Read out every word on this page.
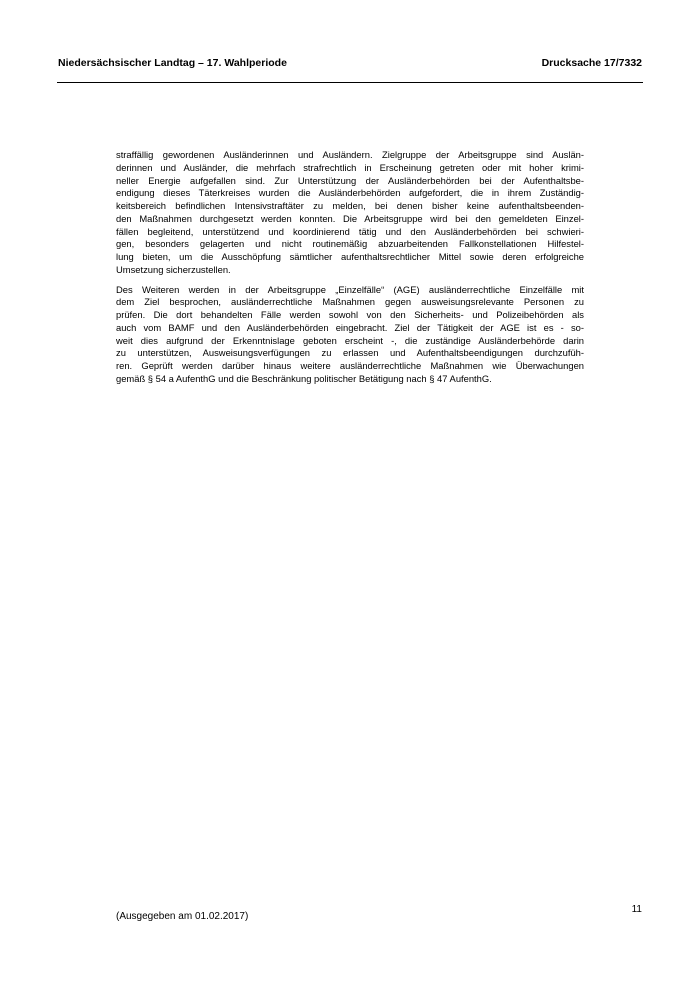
Niedersächsischer Landtag – 17. Wahlperiode	Drucksache 17/7332

straffällig gewordenen Ausländerinnen und Ausländern. Zielgruppe der Arbeitsgruppe sind Auslän-
derinnen und Ausländer, die mehrfach strafrechtlich in Erscheinung getreten oder mit hoher krimi-
neller Energie aufgefallen sind. Zur Unterstützung der Ausländerbehörden bei der Aufenthaltsbe-
endigung dieses Täterkreises wurden die Ausländerbehörden aufgefordert, die in ihrem Zuständig-
keitsbereich befindlichen Intensivstraftäter zu melden, bei denen bisher keine aufenthaltsbeenden-
den Maßnahmen durchgesetzt werden konnten. Die Arbeitsgruppe wird bei den gemeldeten Einzel-
fällen begleitend, unterstützend und koordinierend tätig und den Ausländerbehörden bei schwieri-
gen, besonders gelagerten und nicht routinemäßig abzuarbeitenden Fallkonstellationen Hilfestel-
lung bieten, um die Ausschöpfung sämtlicher aufenthaltsrechtlicher Mittel sowie deren erfolgreiche
Umsetzung sicherzustellen.

Des Weiteren werden in der Arbeitsgruppe „Einzelfälle“ (AGE) ausländerrechtliche Einzelfälle mit
dem Ziel besprochen, ausländerrechtliche Maßnahmen gegen ausweisungsrelevante Personen zu
prüfen. Die dort behandelten Fälle werden sowohl von den Sicherheits- und Polizeibehörden als
auch vom BAMF und den Ausländerbehörden eingebracht. Ziel der Tätigkeit der AGE ist es - so-
weit dies aufgrund der Erkenntnislage geboten erscheint -, die zuständige Ausländerbehörde darin
zu unterstützen, Ausweisungsverfügungen zu erlassen und Aufenthaltsbeendigungen durchzufüh-
ren. Geprüft werden darüber hinaus weitere ausländerrechtliche Maßnahmen wie Überwachungen
gemäß § 54 a AufenthG und die Beschränkung politischer Betätigung nach § 47 AufenthG.

11
(Ausgegeben am 01.02.2017)
